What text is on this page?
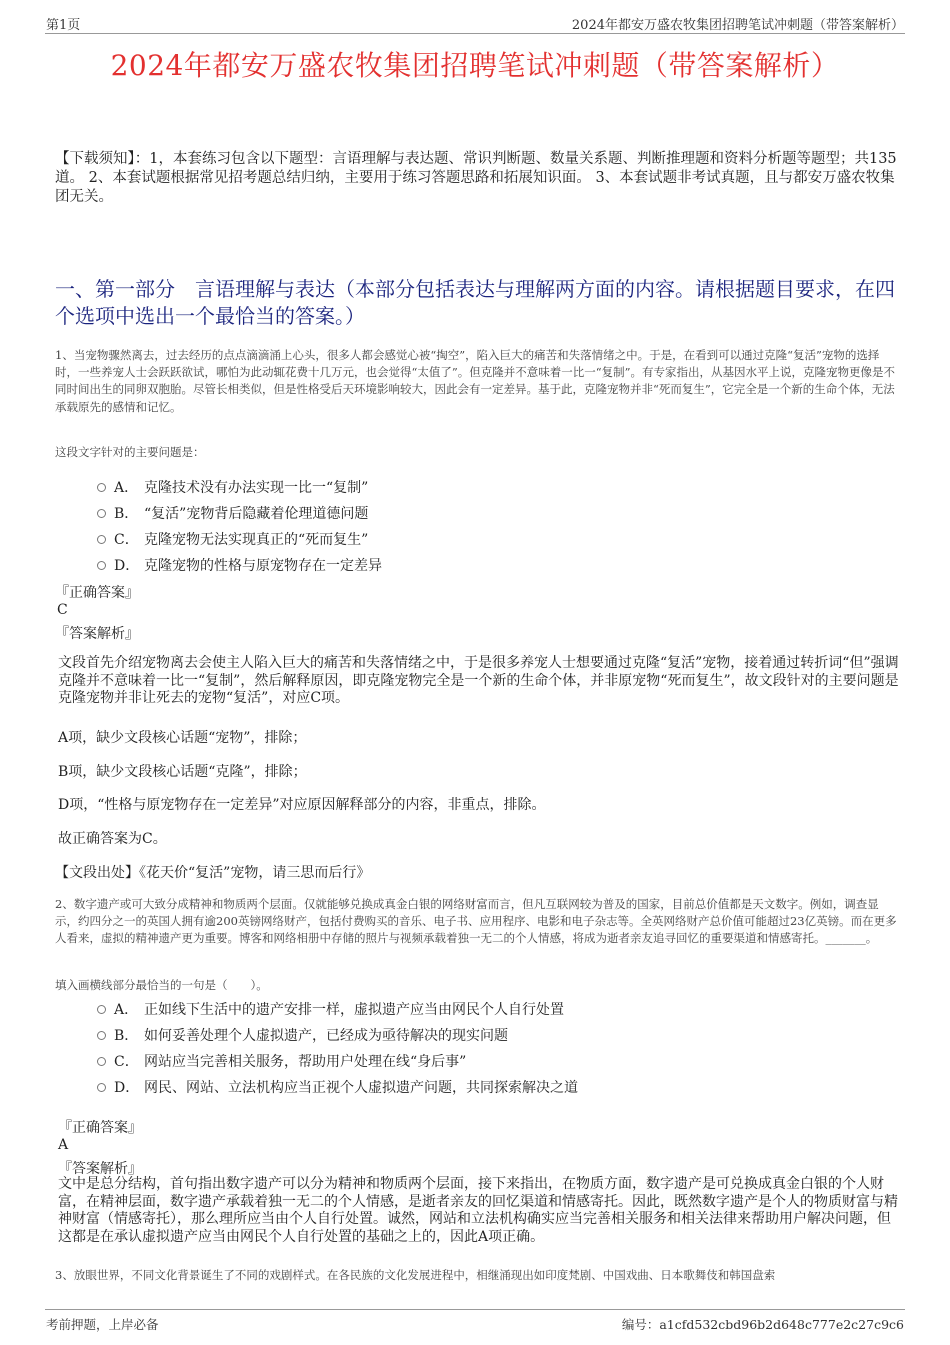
第1页	2024年都安万盛农牧集团招聘笔试冲刺题（带答案解析）
2024年都安万盛农牧集团招聘笔试冲刺题（带答案解析）
【下载须知】：1，本套练习包含以下题型：言语理解与表达题、常识判断题、数量关系题、判断推理题和资料分析题等题型；共135道。 2、本套试题根据常见招考题总结归纳，主要用于练习答题思路和拓展知识面。 3、本套试题非考试真题，且与都安万盛农牧集团无关。
一、第一部分　言语理解与表达（本部分包括表达与理解两方面的内容。请根据题目要求，在四个选项中选出一个最恰当的答案。）
1、当宠物骤然离去，过去经历的点点滴滴涌上心头，很多人都会感觉心被“掏空”，陷入巨大的痛苦和失落情绪之中。于是，在看到可以通过克隆“复活”宠物的选择时，一些养宠人士会跃跃欲试，哪怕为此动辄花费十几万元，也会觉得“太值了”。但克隆并不意味着一比一“复制”。有专家指出，从基因水平上说，克隆宠物更像是不同时间出生的同卵双胞胎。尽管长相类似，但是性格受后天环境影响较大，因此会有一定差异。基于此，克隆宠物并非“死而复生”，它完全是一个新的生命个体，无法承载原先的感情和记忆。
这段文字针对的主要问题是：
A． 克隆技术没有办法实现一比一“复制”
B． “复活”宠物背后隐藏着伦理道德问题
C． 克隆宠物无法实现真正的“死而复生”
D． 克隆宠物的性格与原宠物存在一定差异
『正确答案』
C
『答案解析』
文段首先介绍宠物离去会使主人陷入巨大的痛苦和失落情绪之中，于是很多养宠人士想要通过克隆“复活”宠物，接着通过转折词“但”强调克隆并不意味着一比一“复制”，然后解释原因，即克隆宠物完全是一个新的生命个体，并非原宠物“死而复生”，故文段针对的主要问题是克隆宠物并非让死去的宠物“复活”，对应C项。
A项，缺少文段核心话题“宠物”，排除；
B项，缺少文段核心话题“克隆”，排除；
D项，“性格与原宠物存在一定差异”对应原因解释部分的内容，非重点，排除。
故正确答案为C。
【文段出处】《花天价“复活”宠物，请三思而后行》
2、数字遗产或可大致分成精神和物质两个层面。仅就能够兑换成真金白银的网络财富而言，但凡互联网较为普及的国家，目前总价值都是天文数字。例如，调查显示，约四分之一的英国人拥有逾200英镑网络财产，包括付费购买的音乐、电子书、应用程序、电影和电子杂志等。全英网络财产总价值可能超过23亿英镑。而在更多人看来，虚拟的精神遗产更为重要。博客和网络相册中存储的照片与视频承载着独一无二的个人情感，将成为逝者亲友追寻回忆的重要渠道和情感寄托。_______。
填入画横线部分最恰当的一句是（　　）。
A． 正如线下生活中的遗产安排一样，虚拟遗产应当由网民个人自行处置
B． 如何妥善处理个人虚拟遗产，已经成为亟待解决的现实问题
C． 网站应当完善相关服务，帮助用户处理在线“身后事”
D． 网民、网站、立法机构应当正视个人虚拟遗产问题，共同探索解决之道
『正确答案』
A
『答案解析』
文中是总分结构，首句指出数字遗产可以分为精神和物质两个层面，接下来指出，在物质方面，数字遗产是可兑换成真金白银的个人财富，在精神层面，数字遗产承载着独一无二的个人情感，是逝者亲友的回忆渠道和情感寄托。因此，既然数字遗产是个人的物质财富与精神财富（情感寄托），那么理所应当由个人自行处置。诚然，网站和立法机构确实应当完善相关服务和相关法律来帮助用户解决问题，但这都是在承认虚拟遗产应当由网民个人自行处置的基础之上的，因此A项正确。
3、放眼世界，不同文化背景诞生了不同的戏剧样式。在各民族的文化发展进程中，相继涌现出如印度梵剧、中国戏曲、日本歌舞伎和韩国盘索
考前押题，上岸必备	编号：a1cfd532cbd96b2d648c777e2c27c9c6
